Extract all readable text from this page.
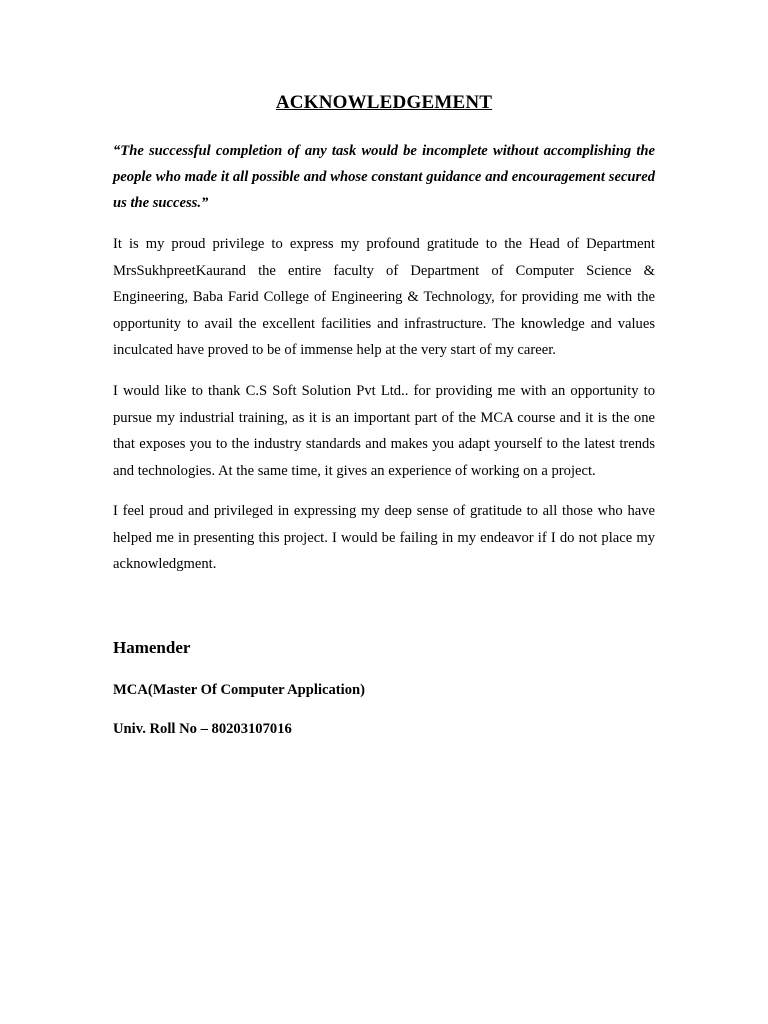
ACKNOWLEDGEMENT

“The successful completion of any task would be incomplete without accomplishing the people who made it all possible and whose constant guidance and encouragement secured us the success.”

It is my proud privilege to express my profound gratitude to the Head of Department MrsSukhpreetKaurand the entire faculty of Department of Computer Science & Engineering, Baba Farid College of Engineering & Technology, for providing me with the opportunity to avail the excellent facilities and infrastructure. The knowledge and values inculcated have proved to be of immense help at the very start of my career.

I would like to thank C.S Soft Solution Pvt Ltd.. for providing me with an opportunity to pursue my industrial training, as it is an important part of the MCA course and it is the one that exposes you to the industry standards and makes you adapt yourself to the latest trends and technologies. At the same time, it gives an experience of working on a project.

I feel proud and privileged in expressing my deep sense of gratitude to all those who have helped me in presenting this project. I would be failing in my endeavor if I do not place my acknowledgment.

Hamender

MCA(Master Of Computer Application)

Univ. Roll No – 80203107016
